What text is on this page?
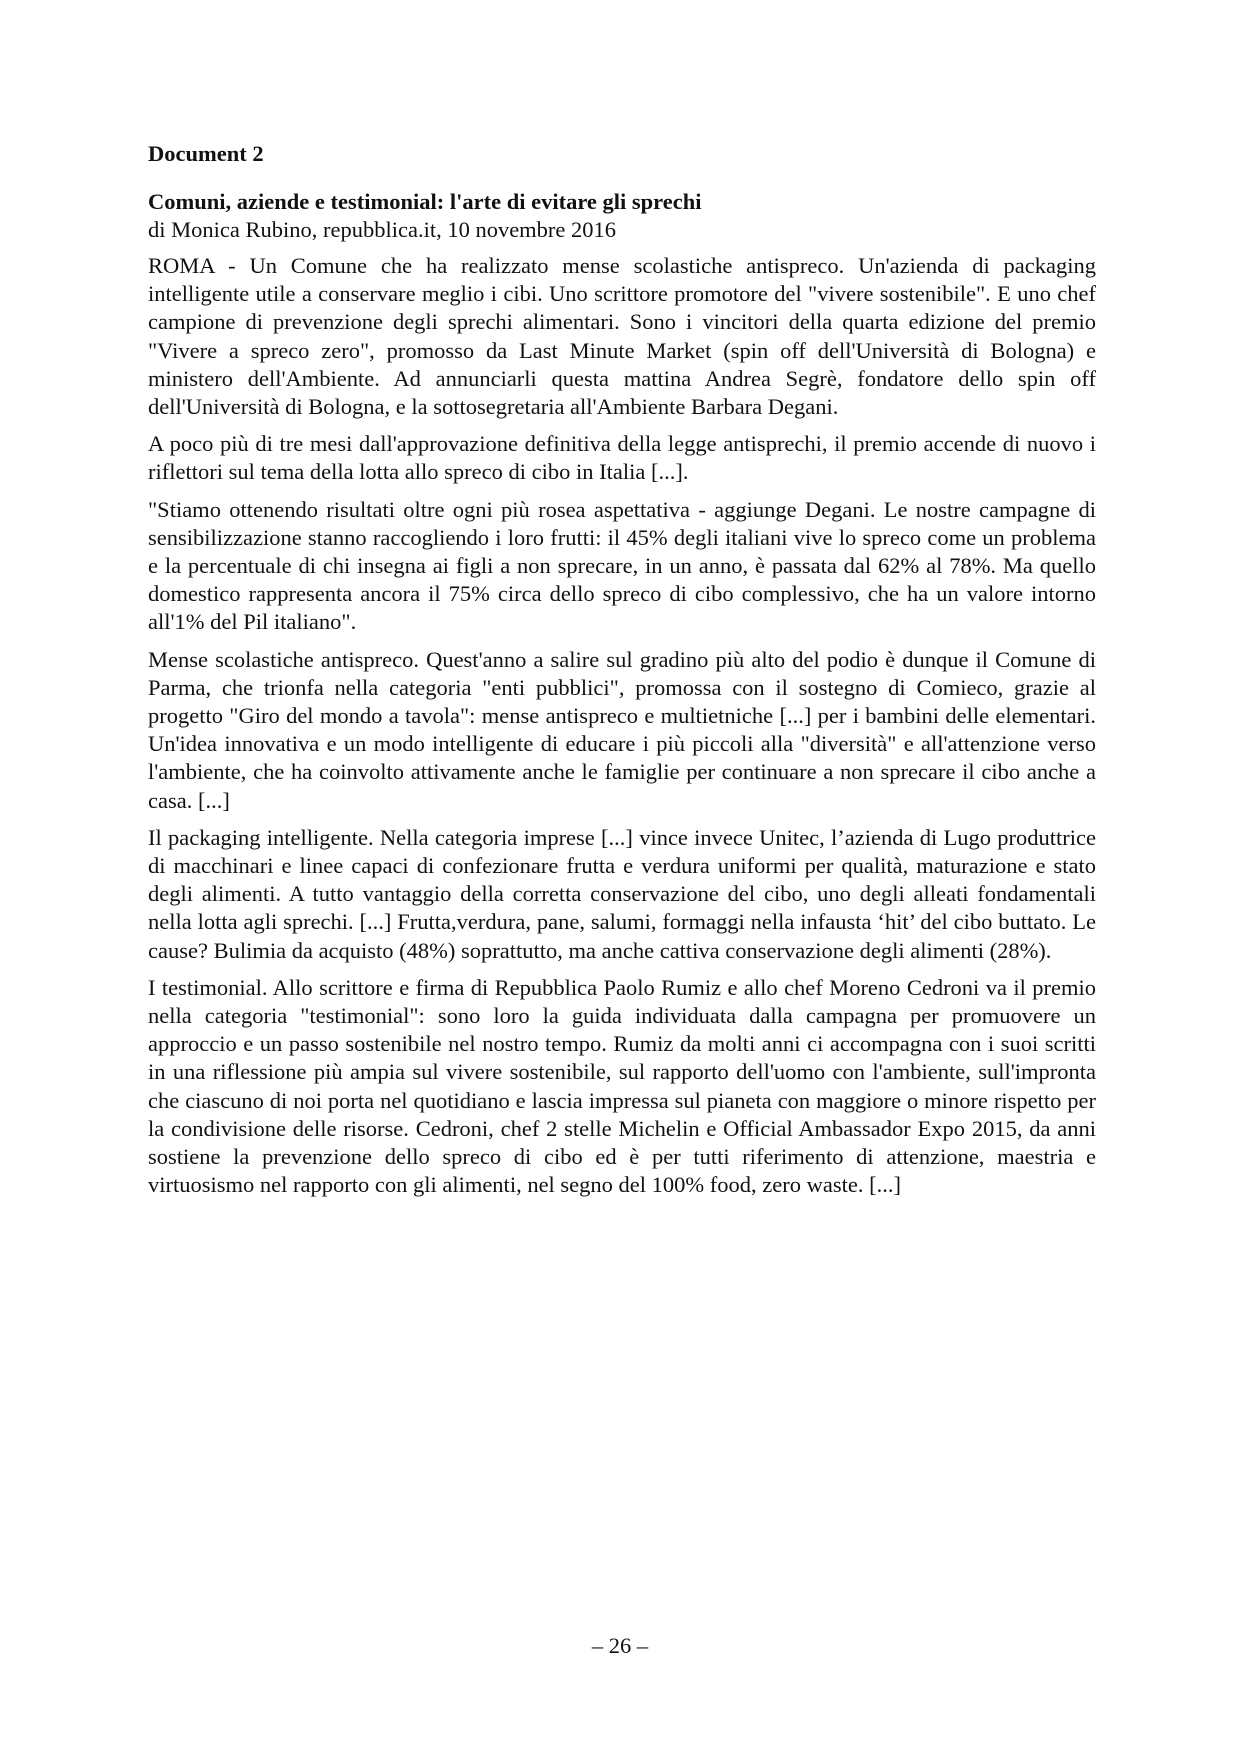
Document 2

Comuni, aziende e testimonial: l'arte di evitare gli sprechi

di Monica Rubino, repubblica.it, 10 novembre 2016

ROMA - Un Comune che ha realizzato mense scolastiche antispreco. Un'azienda di packaging intelligente utile a conservare meglio i cibi. Uno scrittore promotore del "vivere sostenibile". E uno chef campione di prevenzione degli sprechi alimentari. Sono i vincitori della quarta edizione del premio "Vivere a spreco zero", promosso da Last Minute Market (spin off dell'Università di Bologna) e ministero dell'Ambiente. Ad annunciarli questa mattina Andrea Segrè, fondatore dello spin off dell'Università di Bologna, e la sottosegretaria all'Ambiente Barbara Degani.

A poco più di tre mesi dall'approvazione definitiva della legge antisprechi, il premio accende di nuovo i riflettori sul tema della lotta allo spreco di cibo in Italia [...].

"Stiamo ottenendo risultati oltre ogni più rosea aspettativa - aggiunge Degani. Le nostre campagne di sensibilizzazione stanno raccogliendo i loro frutti: il 45% degli italiani vive lo spreco come un problema e la percentuale di chi insegna ai figli a non sprecare, in un anno, è passata dal 62% al 78%. Ma quello domestico rappresenta ancora il 75% circa dello spreco di cibo complessivo, che ha un valore intorno all'1% del Pil italiano".

Mense scolastiche antispreco. Quest'anno a salire sul gradino più alto del podio è dunque il Comune di Parma, che trionfa nella categoria "enti pubblici", promossa con il sostegno di Comieco, grazie al progetto "Giro del mondo a tavola": mense antispreco e multietniche [...] per i bambini delle elementari. Un'idea innovativa e un modo intelligente di educare i più piccoli alla "diversità" e all'attenzione verso l'ambiente, che ha coinvolto attivamente anche le famiglie per continuare a non sprecare il cibo anche a casa. [...]

Il packaging intelligente. Nella categoria imprese [...] vince invece Unitec, l’azienda di Lugo produttrice di macchinari e linee capaci di confezionare frutta e verdura uniformi per qualità, maturazione e stato degli alimenti. A tutto vantaggio della corretta conservazione del cibo, uno degli alleati fondamentali nella lotta agli sprechi. [...] Frutta,verdura, pane, salumi, formaggi nella infausta ‘hit’ del cibo buttato. Le cause? Bulimia da acquisto (48%) soprattutto, ma anche cattiva conservazione degli alimenti (28%).

I testimonial. Allo scrittore e firma di Repubblica Paolo Rumiz e allo chef Moreno Cedroni va il premio nella categoria "testimonial": sono loro la guida individuata dalla campagna per promuovere un approccio e un passo sostenibile nel nostro tempo. Rumiz da molti anni ci accompagna con i suoi scritti in una riflessione più ampia sul vivere sostenibile, sul rapporto dell'uomo con l'ambiente, sull'impronta che ciascuno di noi porta nel quotidiano e lascia impressa sul pianeta con maggiore o minore rispetto per la condivisione delle risorse. Cedroni, chef 2 stelle Michelin e Official Ambassador Expo 2015, da anni sostiene la prevenzione dello spreco di cibo ed è per tutti riferimento di attenzione, maestria e virtuosismo nel rapporto con gli alimenti, nel segno del 100% food, zero waste. [...]

– 26 –
